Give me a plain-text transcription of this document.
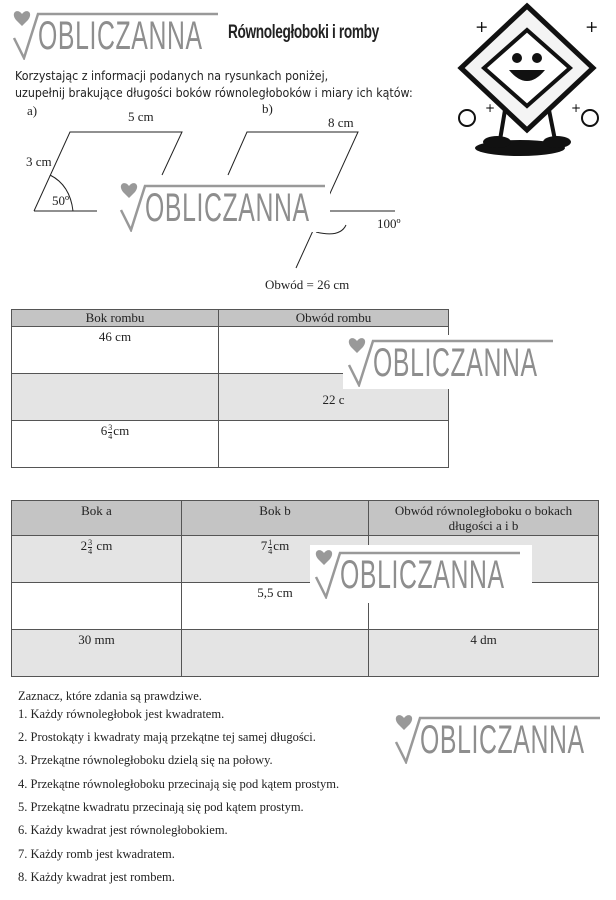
OBLICZANNA Równoległoboki i romby	+	+
+	+
Korzystając z informacji podanych na rysunkach poniżej,
uzupełnij brakujące długości boków równoległoboków i miary ich kątów:
a)	5 cm
3 cm
50º
b)
8 cm
100º
Obwód = 26 cm
OBLICZANNA
Bok rombu	Obwód rombu
46 cm	
	22 c
$6 \frac{3}{4}$ cm	
OBLICZANNA
Bok a	Bok b	Obwód równoległoboku o bokach długości a i b
$2 \frac{3}{4}$ cm	$7 \frac{1}{4}$ cm	
	5,5 cm	
30 mm		4 dm
OBLICZANNA
Zaznacz, które zdania są prawdziwe.
1. Każdy równoległobok jest kwadratem.
2. Prostokąty i kwadraty mają przekątne tej samej długości.
3. Przekątne równoległoboku dzielą się na połowy.
4. Przekątne równoległoboku przecinają się pod kątem prostym.
5. Przekątne kwadratu przecinają się pod kątem prostym.
6. Każdy kwadrat jest równoległobokiem.
7. Każdy romb jest kwadratem.
8. Każdy kwadrat jest rombem.
OBLICZANNA
